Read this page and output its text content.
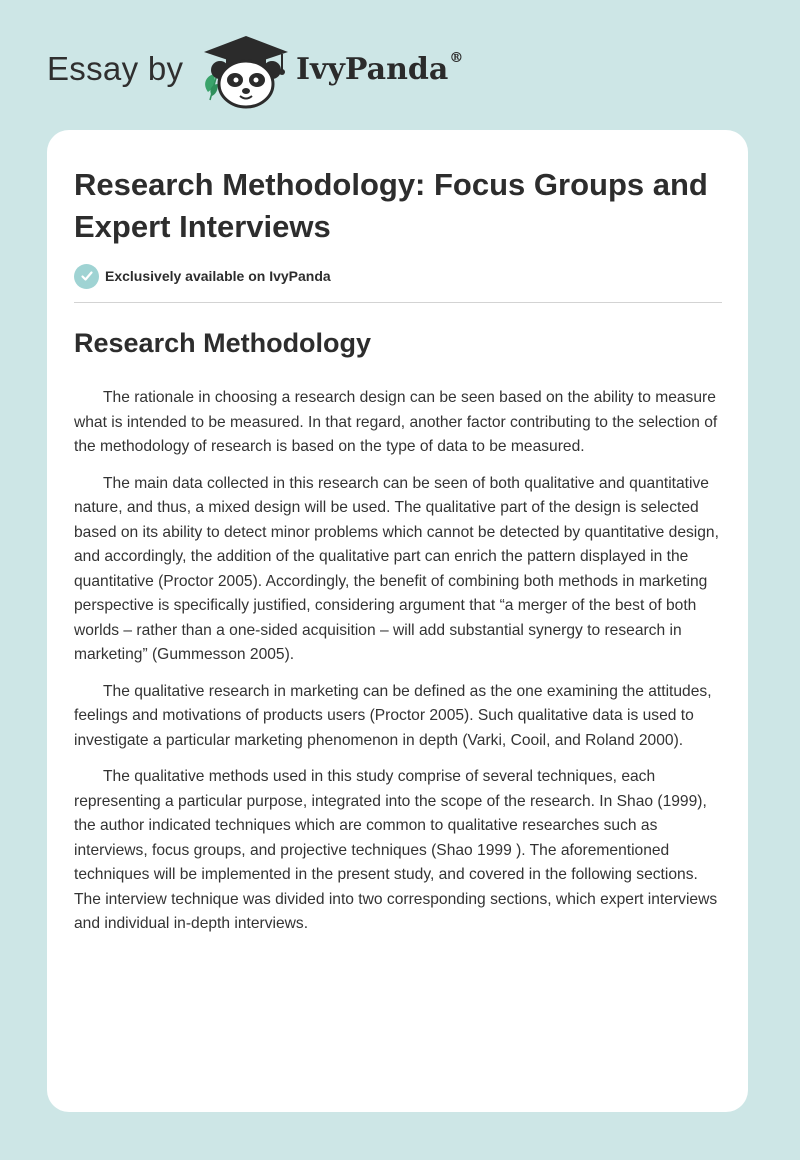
Essay by	IvyPanda®
Research Methodology: Focus Groups and Expert Interviews
Exclusively available on IvyPanda
Research Methodology

The rationale in choosing a research design can be seen based on the ability to measure what is intended to be measured. In that regard, another factor contributing to the selection of the methodology of research is based on the type of data to be measured.

The main data collected in this research can be seen of both qualitative and quantitative nature, and thus, a mixed design will be used. The qualitative part of the design is selected based on its ability to detect minor problems which cannot be detected by quantitative design, and accordingly, the addition of the qualitative part can enrich the pattern displayed in the quantitative (Proctor 2005). Accordingly, the benefit of combining both methods in marketing perspective is specifically justified, considering argument that “a merger of the best of both worlds – rather than a one-sided acquisition – will add substantial synergy to research in marketing” (Gummesson 2005).

The qualitative research in marketing can be defined as the one examining the attitudes, feelings and motivations of products users (Proctor 2005). Such qualitative data is used to investigate a particular marketing phenomenon in depth (Varki, Cooil, and Roland 2000).

The qualitative methods used in this study comprise of several techniques, each representing a particular purpose, integrated into the scope of the research. In Shao (1999), the author indicated techniques which are common to qualitative researches such as interviews, focus groups, and projective techniques (Shao 1999 ). The aforementioned techniques will be implemented in the present study, and covered in the following sections. The interview technique was divided into two corresponding sections, which expert interviews and individual in-depth interviews.
